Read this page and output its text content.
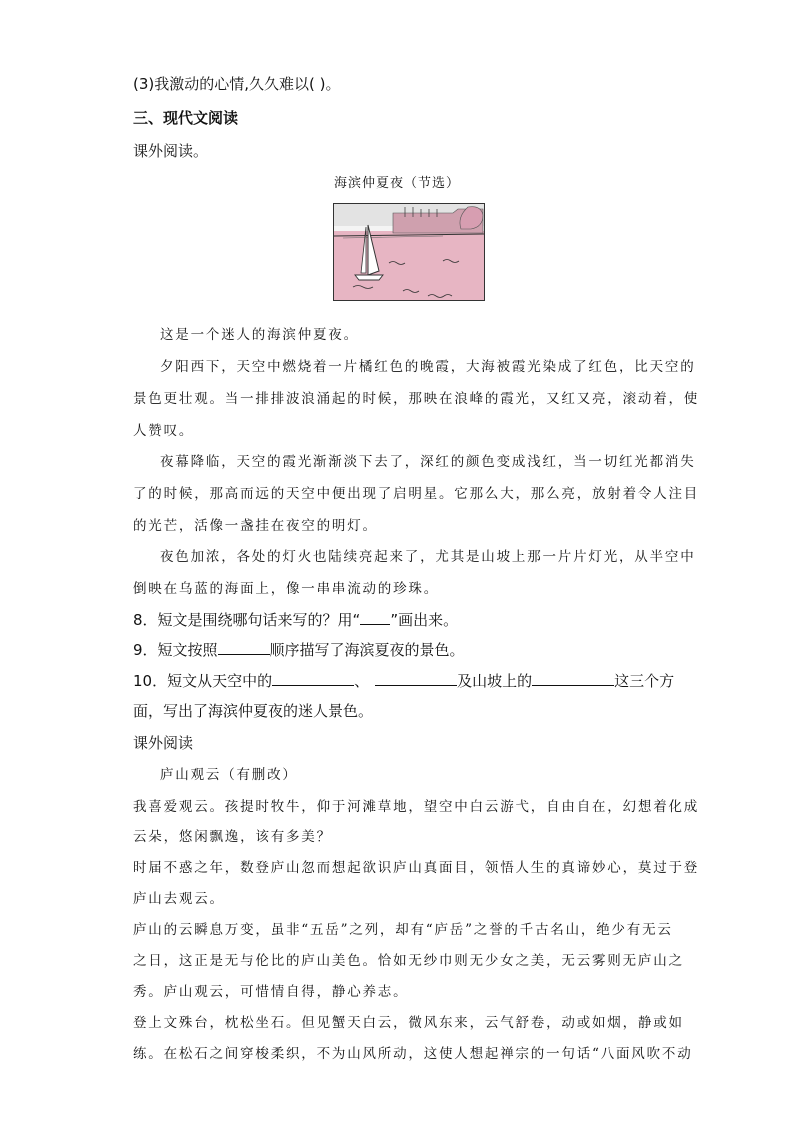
(3)我激动的心情,久久难以( )。
三、现代文阅读
课外阅读。
海滨仲夏夜（节选）
这是一个迷人的海滨仲夏夜。
夕阳西下，天空中燃烧着一片橘红色的晚霞，大海被霞光染成了红色，比天空的
景色更壮观。当一排排波浪涌起的时候，那映在浪峰的霞光，又红又亮，滚动着，使
人赞叹。
夜幕降临，天空的霞光渐渐淡下去了，深红的颜色变成浅红，当一切红光都消失
了的时候，那高而远的天空中便出现了启明星。它那么大，那么亮，放射着令人注目
的光芒，活像一盏挂在夜空的明灯。
夜色加浓，各处的灯火也陆续亮起来了，尤其是山坡上那一片片灯光，从半空中
倒映在乌蓝的海面上，像一串串流动的珍珠。
8．短文是围绕哪句话来写的？用“ ”画出来。
9．短文按照	顺序描写了海滨夏夜的景色。
10．短文从天空中的	、	及山坡上的	这三个方
面，写出了海滨仲夏夜的迷人景色。
课外阅读
庐山观云（有删改）
我喜爱观云。孩提时牧牛，仰于河滩草地，望空中白云游弋，自由自在，幻想着化成
云朵，悠闲飘逸，该有多美？
时届不惑之年，数登庐山忽而想起欲识庐山真面目，领悟人生的真谛妙心，莫过于登
庐山去观云。
庐山的云瞬息万变，虽非“五岳”之列，却有“庐岳”之誉的千古名山，绝少有无云
之日，这正是无与伦比的庐山美色。恰如无纱巾则无少女之美，无云雾则无庐山之
秀。庐山观云，可惜情自得，静心养志。
登上文殊台，枕松坐石。但见蟹天白云，微风东来，云气舒卷，动或如烟，静或如
练。在松石之间穿梭柔织，不为山风所动，这使人想起禅宗的一句话“八面风吹不动
